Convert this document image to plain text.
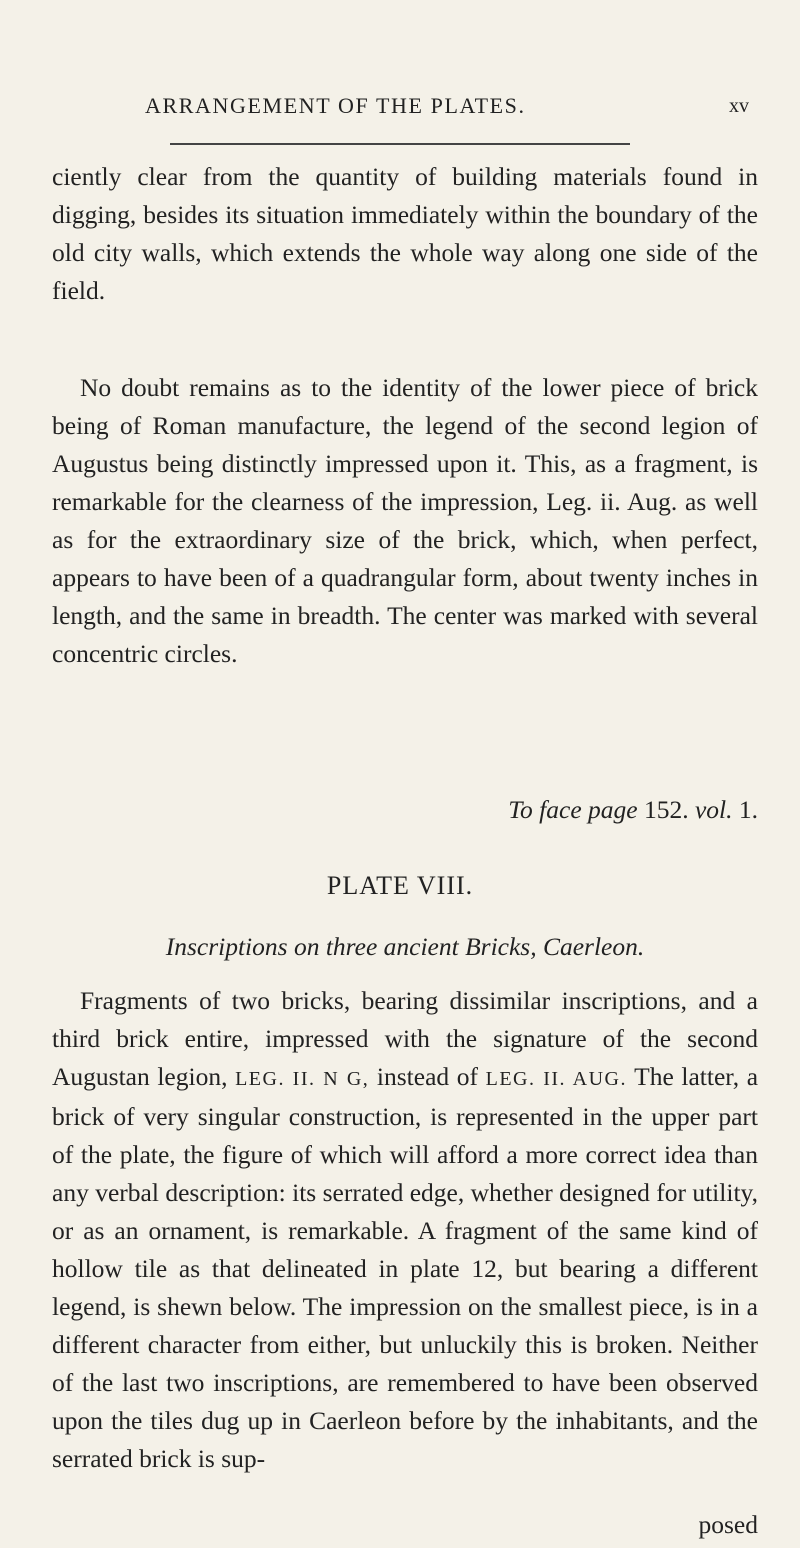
ARRANGEMENT OF THE PLATES.	xv

ciently clear from the quantity of building materials found in digging, besides its situation immediately within the boundary of the old city walls, which extends the whole way along one side of the field.

No doubt remains as to the identity of the lower piece of brick being of Roman manufacture, the legend of the second legion of Augustus being distinctly impressed upon it. This, as a fragment, is remarkable for the clearness of the impression, Leg. ii. Aug. as well as for the extraordinary size of the brick, which, when perfect, appears to have been of a quadrangular form, about twenty inches in length, and the same in breadth. The center was marked with several concentric circles.

To face page 152. vol. 1.
PLATE VIII.
Inscriptions on three ancient Bricks, Caerleon.

Fragments of two bricks, bearing dissimilar inscriptions, and a third brick entire, impressed with the signature of the second Augustan legion, LEG. II. N G, instead of LEG. II. AUG. The latter, a brick of very singular construction, is represented in the upper part of the plate, the figure of which will afford a more correct idea than any verbal description: its serrated edge, whether designed for utility, or as an ornament, is remarkable. A fragment of the same kind of hollow tile as that delineated in plate 12, but bearing a different legend, is shewn below. The impression on the smallest piece, is in a different character from either, but unluckily this is broken. Neither of the last two inscriptions, are remembered to have been observed upon the tiles dug up in Caerleon before by the inhabitants, and the serrated brick is sup-

posed
